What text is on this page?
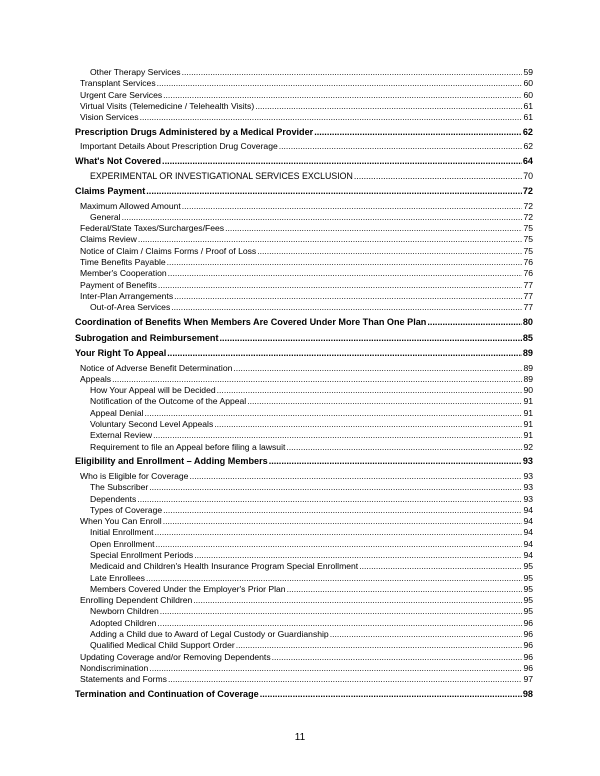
Other Therapy Services .....	59
Transplant Services .....	60
Urgent Care Services .....	60
Virtual Visits (Telemedicine / Telehealth Visits) .....	61
Vision Services .....	61
Prescription Drugs Administered by a Medical Provider .....	62
Important Details About Prescription Drug Coverage .....	62
What's Not Covered .....	64
EXPERIMENTAL OR INVESTIGATIONAL SERVICES EXCLUSION .....	70
Claims Payment .....	72
Maximum Allowed Amount .....	72
General .....	72
Federal/State Taxes/Surcharges/Fees .....	75
Claims Review .....	75
Notice of Claim / Claims Forms / Proof of Loss .....	75
Time Benefits Payable .....	76
Member's Cooperation .....	76
Payment of Benefits .....	77
Inter-Plan Arrangements .....	77
Out-of-Area Services .....	77
Coordination of Benefits When Members Are Covered Under More Than One Plan .....	80
Subrogation and Reimbursement .....	85
Your Right To Appeal .....	89
Notice of Adverse Benefit Determination .....	89
Appeals .....	89
How Your Appeal will be Decided .....	90
Notification of the Outcome of the Appeal .....	91
Appeal Denial .....	91
Voluntary Second Level Appeals .....	91
External Review .....	91
Requirement to file an Appeal before filing a lawsuit .....	92
Eligibility and Enrollment – Adding Members .....	93
Who is Eligible for Coverage .....	93
The Subscriber .....	93
Dependents .....	93
Types of Coverage .....	94
When You Can Enroll .....	94
Initial Enrollment .....	94
Open Enrollment .....	94
Special Enrollment Periods .....	94
Medicaid and Children's Health Insurance Program Special Enrollment .....	95
Late Enrollees .....	95
Members Covered Under the Employer's Prior Plan .....	95
Enrolling Dependent Children .....	95
Newborn Children .....	95
Adopted Children .....	96
Adding a Child due to Award of Legal Custody or Guardianship .....	96
Qualified Medical Child Support Order .....	96
Updating Coverage and/or Removing Dependents .....	96
Nondiscrimination .....	96
Statements and Forms .....	97
Termination and Continuation of Coverage .....	98
11
